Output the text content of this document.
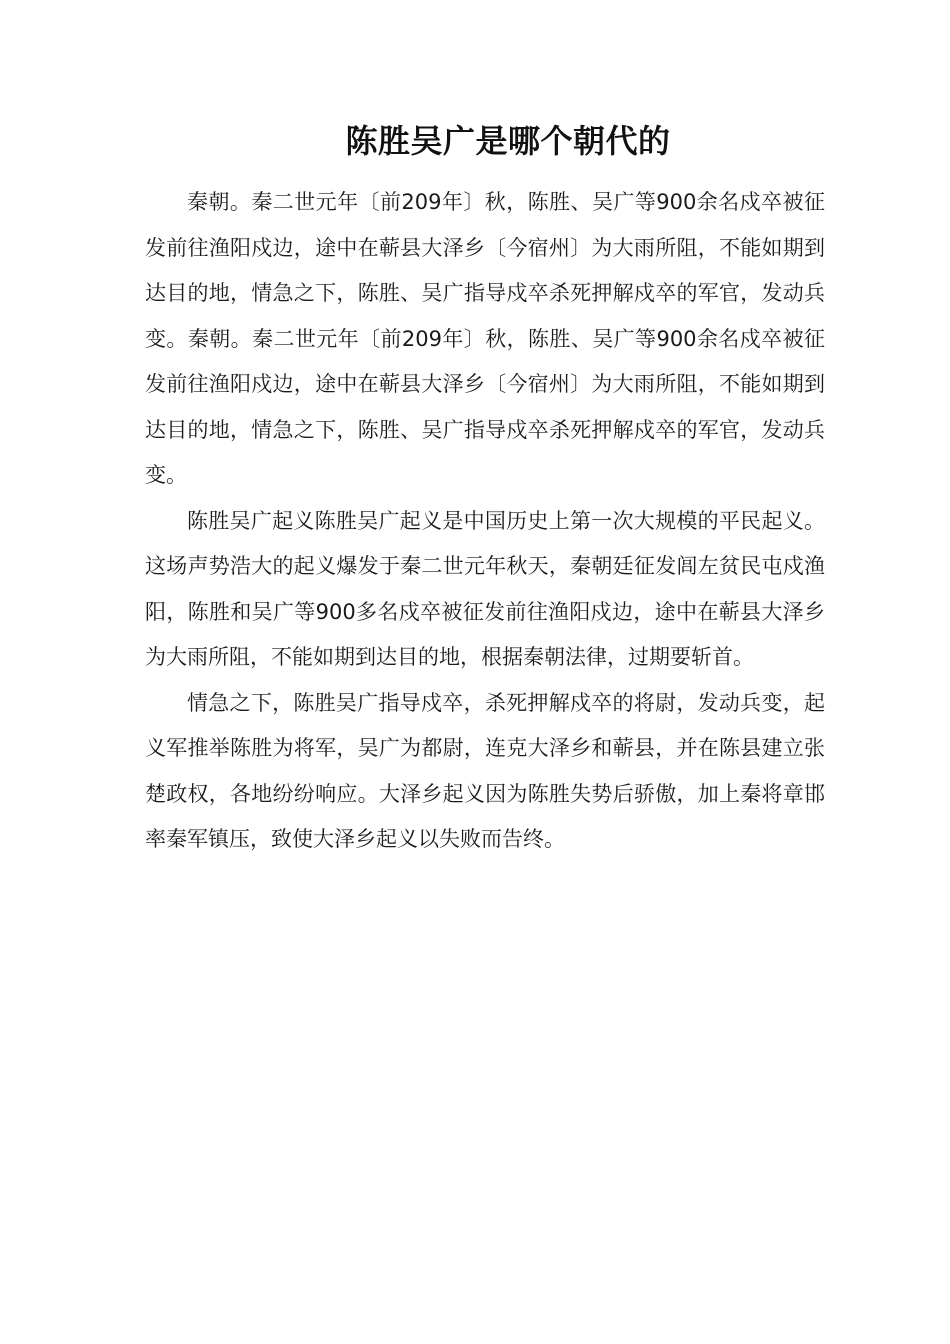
陈胜吴广是哪个朝代的

秦朝。秦二世元年〔前209年〕秋，陈胜、吴广等900余名戍卒被征发前往渔阳戍边，途中在蕲县大泽乡〔今宿州〕为大雨所阻，不能如期到达目的地，情急之下，陈胜、吴广指导戍卒杀死押解戍卒的军官，发动兵变。秦朝。秦二世元年〔前209年〕秋，陈胜、吴广等900余名戍卒被征发前往渔阳戍边，途中在蕲县大泽乡〔今宿州〕为大雨所阻，不能如期到达目的地，情急之下，陈胜、吴广指导戍卒杀死押解戍卒的军官，发动兵变。

陈胜吴广起义陈胜吴广起义是中国历史上第一次大规模的平民起义。这场声势浩大的起义爆发于秦二世元年秋天，秦朝廷征发闾左贫民屯戍渔阳，陈胜和吴广等900多名戍卒被征发前往渔阳戍边，途中在蕲县大泽乡为大雨所阻，不能如期到达目的地，根据秦朝法律，过期要斩首。

情急之下，陈胜吴广指导戍卒，杀死押解戍卒的将尉，发动兵变，起义军推举陈胜为将军，吴广为都尉，连克大泽乡和蕲县，并在陈县建立张楚政权，各地纷纷响应。大泽乡起义因为陈胜失势后骄傲，加上秦将章邯率秦军镇压，致使大泽乡起义以失败而告终。
